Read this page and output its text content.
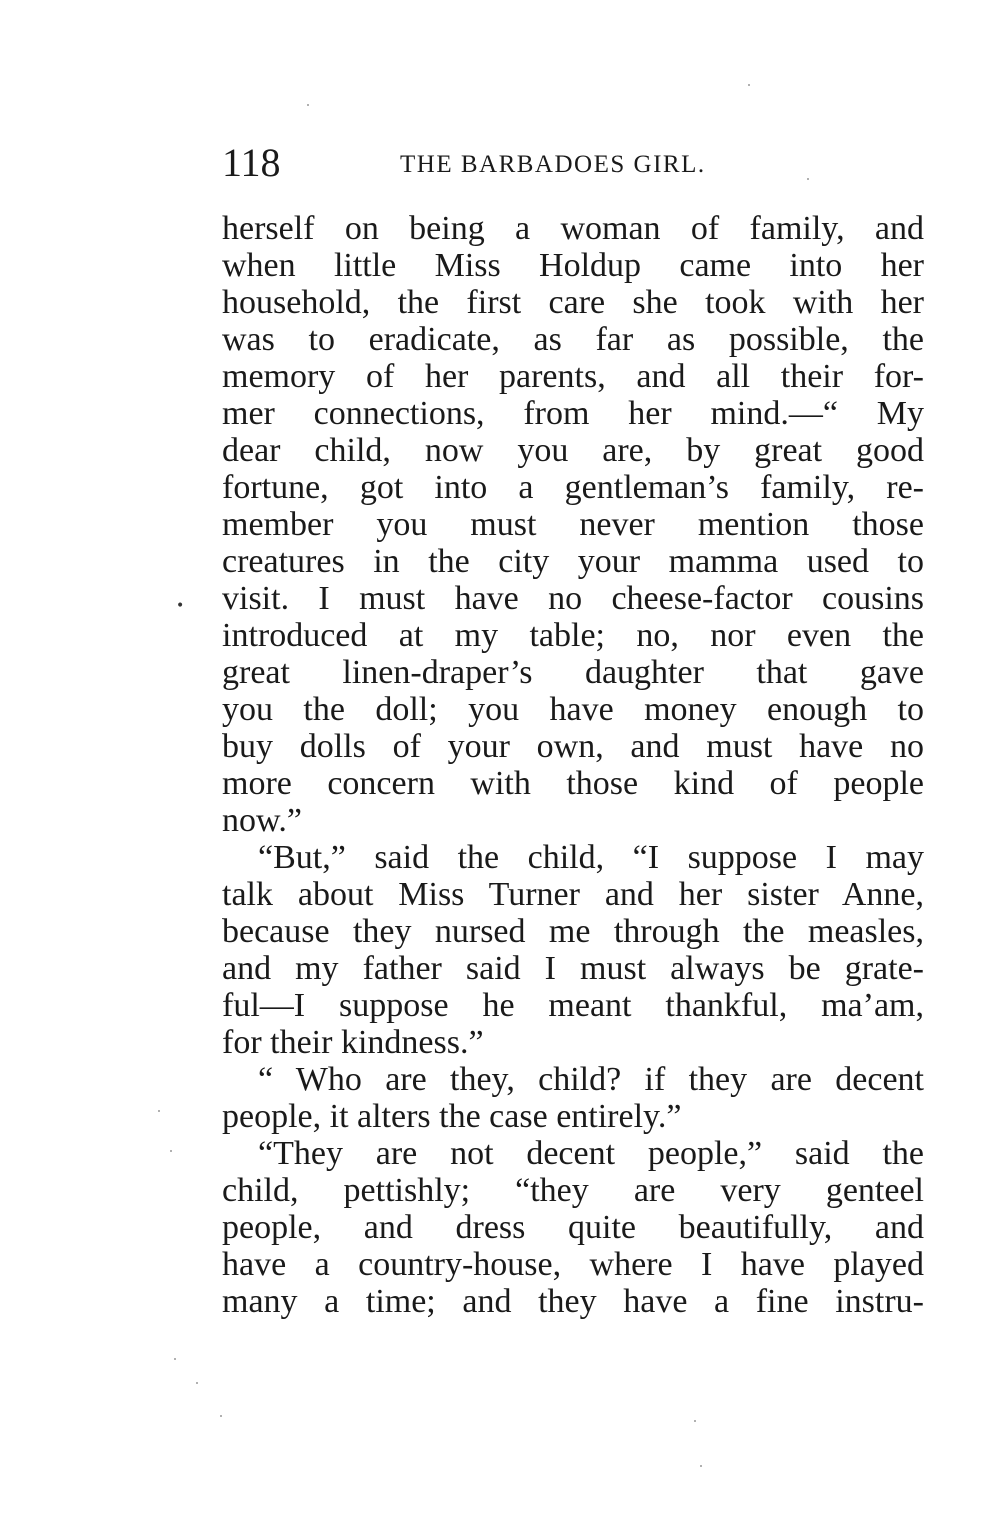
118	THE BARBADOES GIRL.
•
herself on being a woman of family, and
when little Miss Holdup came into her
household, the first care she took with her
was to eradicate, as far as possible, the
memory of her parents, and all their for-
mer connections, from her mind.—“ My
dear child, now you are, by great good
fortune, got into a gentleman’s family, re-
member you must never mention those
creatures in the city your mamma used to
visit. I must have no cheese-factor cousins
introduced at my table; no, nor even the
great linen-draper’s daughter that gave
you the doll; you have money enough to
buy dolls of your own, and must have no
more concern with those kind of people
now.”
“But,” said the child, “I suppose I may
talk about Miss Turner and her sister Anne,
because they nursed me through the measles,
and my father said I must always be grate-
ful—I suppose he meant thankful, ma’am,
for their kindness.”
“ Who are they, child? if they are decent
people, it alters the case entirely.”
“They are not decent people,” said the
child, pettishly; “they are very genteel
people, and dress quite beautifully, and
have a country-house, where I have played
many a time; and they have a fine instru-
